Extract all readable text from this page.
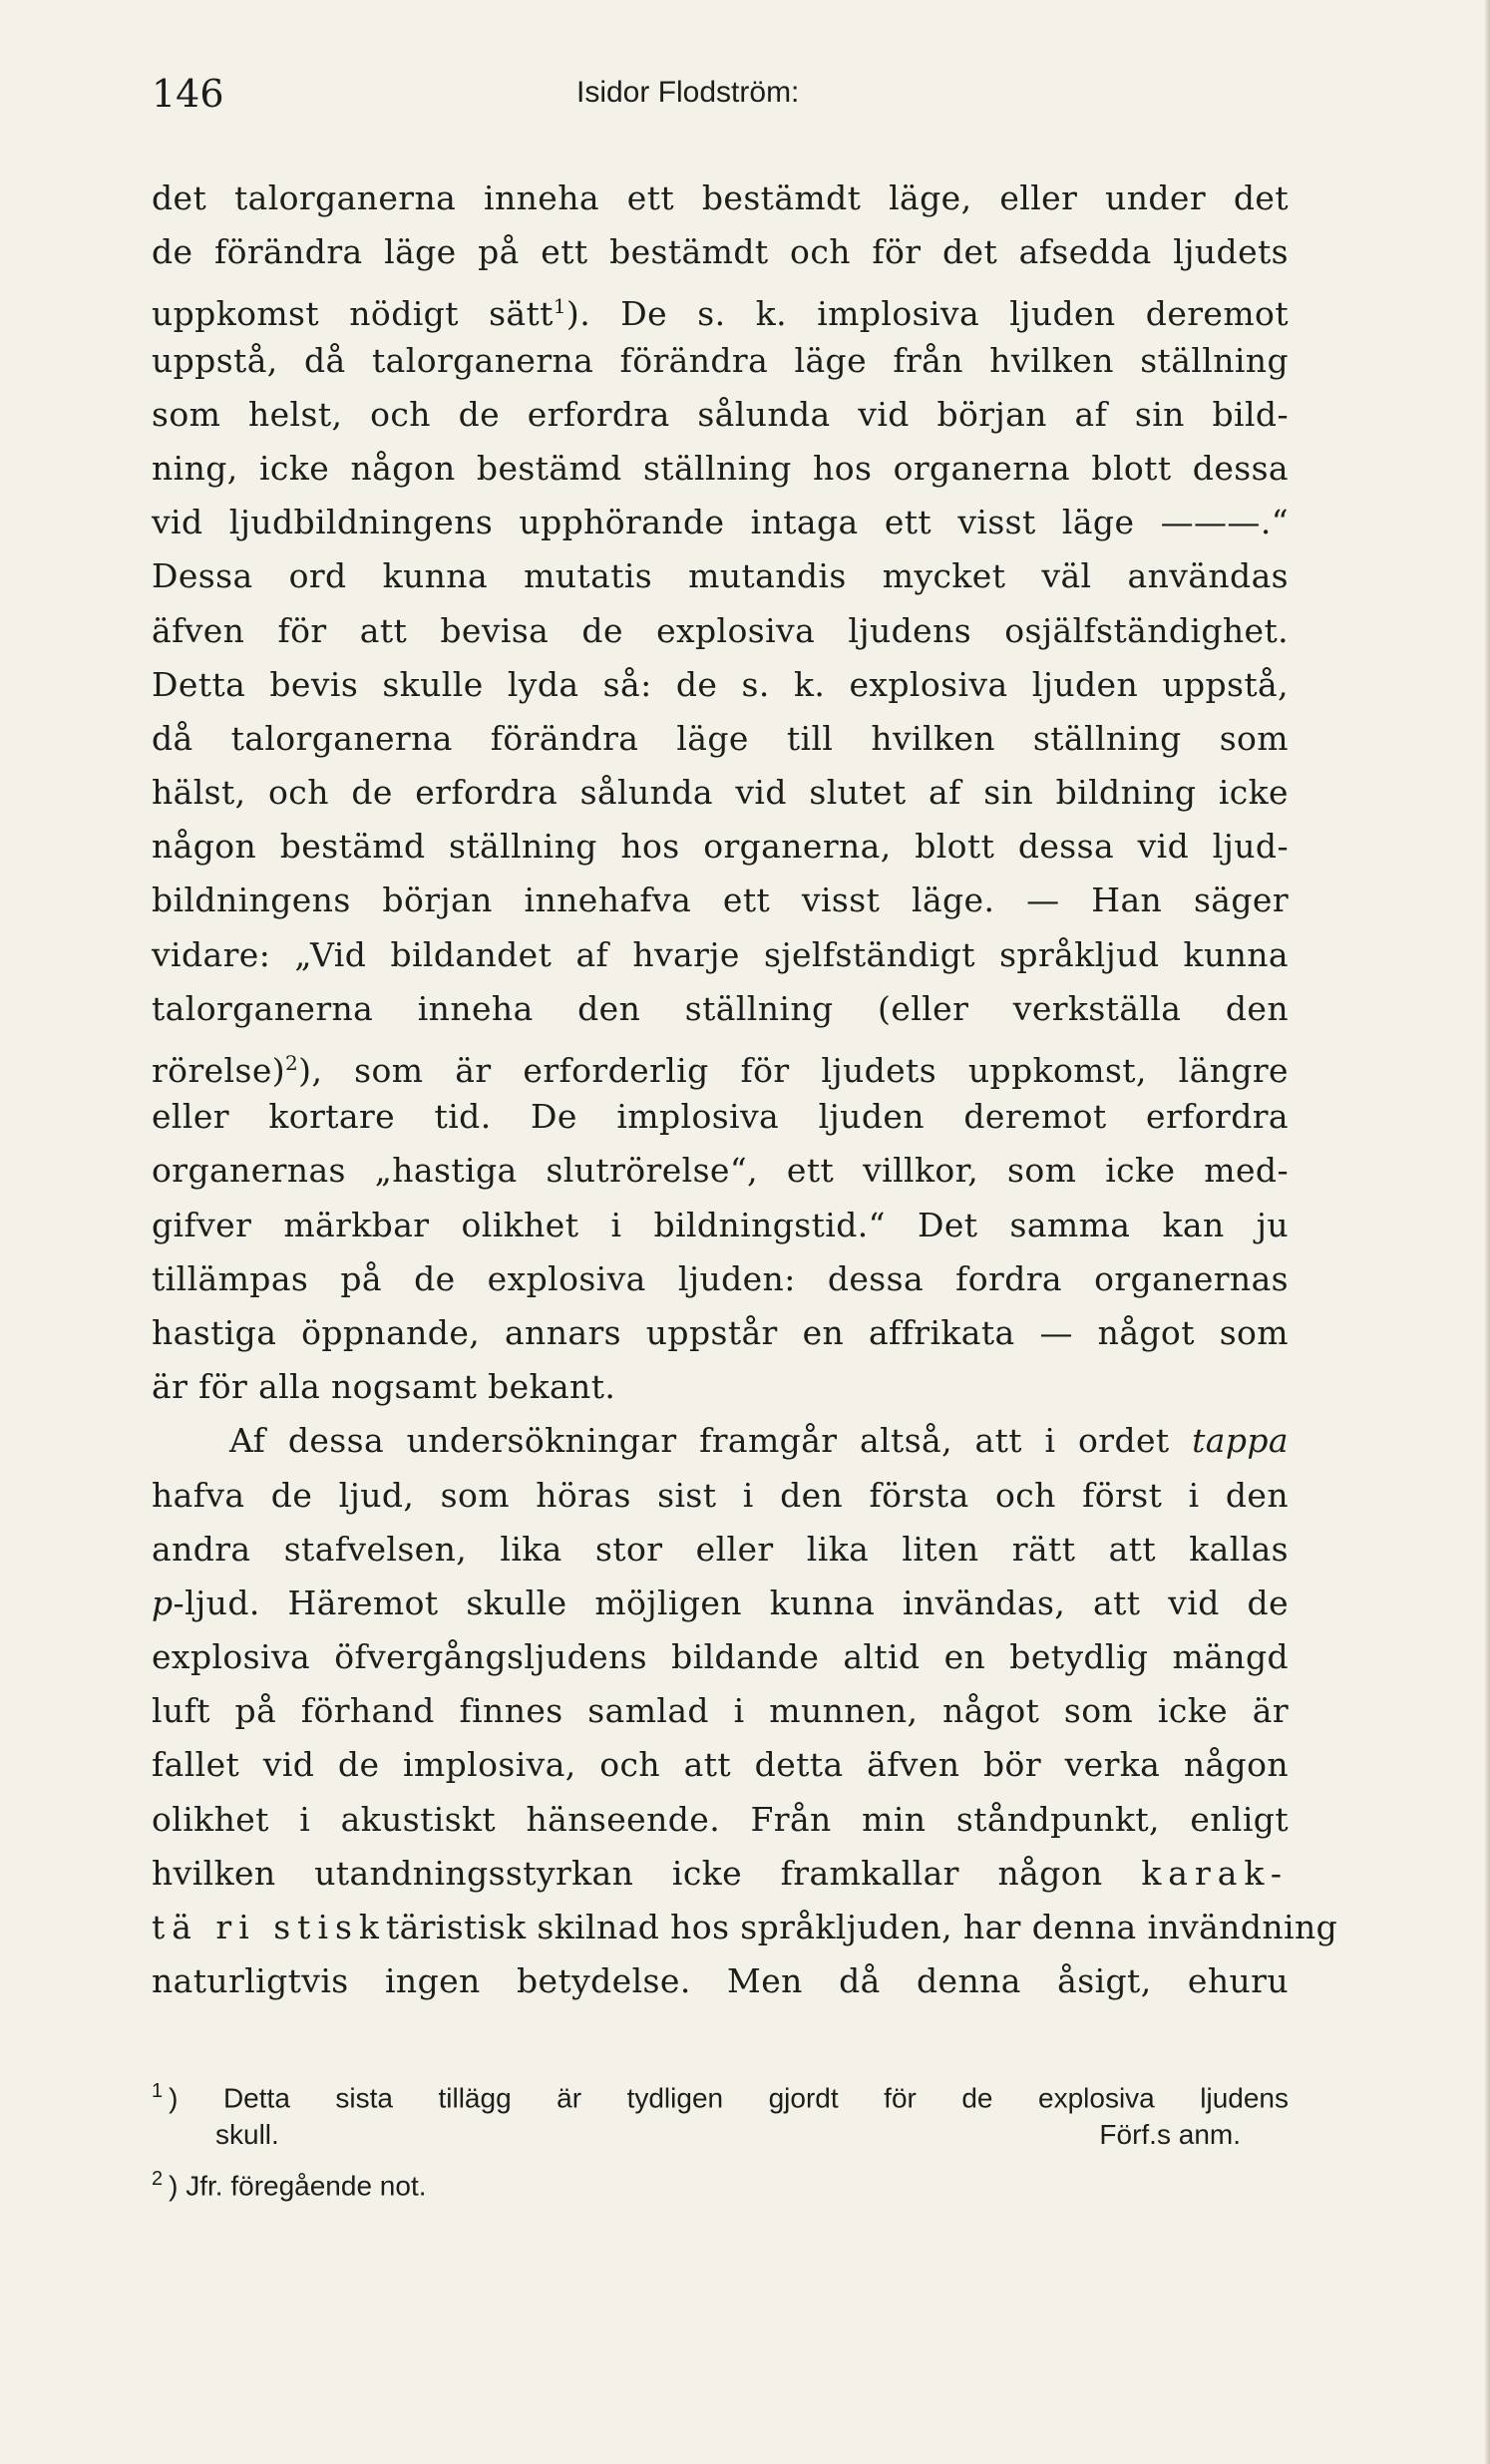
146	Isidor Flodström:
det talorganerna inneha ett bestämdt läge, eller under det
de förändra läge på ett bestämdt och för det afsedda ljudets
uppkomst nödigt sätt$^1$). De s. k. implosiva ljuden deremot
uppstå, då talorganerna förändra läge från hvilken ställning
som helst, och de erfordra sålunda vid början af sin bild-
ning, icke någon bestämd ställning hos organerna blott dessa
vid ljudbildningens upphörande intaga ett visst läge ———.“
Dessa ord kunna mutatis mutandis mycket väl användas
äfven för att bevisa de explosiva ljudens osjälfständighet.
Detta bevis skulle lyda så: de s. k. explosiva ljuden uppstå,
då talorganerna förändra läge till hvilken ställning som
hälst, och de erfordra sålunda vid slutet af sin bildning icke
någon bestämd ställning hos organerna, blott dessa vid ljud-
bildningens början innehafva ett visst läge. — Han säger
vidare: „Vid bildandet af hvarje sjelfständigt språkljud kunna
talorganerna inneha den ställning (eller verkställa den
rörelse)$^2$), som är erforderlig för ljudets uppkomst, längre
eller kortare tid. De implosiva ljuden deremot erfordra
organernas „hastiga slutrörelse“, ett villkor, som icke med-
gifver märkbar olikhet i bildningstid.“ Det samma kan ju
tillämpas på de explosiva ljuden: dessa fordra organernas
hastiga öppnande, annars uppstår en affrikata — något som
är för alla nogsamt bekant.
Af dessa undersökningar framgår altså, att i ordet tappa
hafva de ljud, som höras sist i den första och först i den
andra stafvelsen, lika stor eller lika liten rätt att kallas
p-ljud. Häremot skulle möjligen kunna invändas, att vid de
explosiva öfvergångsljudens bildande altid en betydlig mängd
luft på förhand finnes samlad i munnen, något som icke är
fallet vid de implosiva, och att detta äfven bör verka någon
olikhet i akustiskt hänseende. Från min ståndpunkt, enligt
hvilken utandningsstyrkan icke framkallar någon karak-
tä ri stisktäristisk skilnad hos språkljuden, har denna invändning
naturligtvis ingen betydelse. Men då denna åsigt, ehuru
$^1$ ) Detta sista tillägg är tydligen gjordt för de explosiva ljudens
skull.	Förf.s anm.
$^2$ ) Jfr. föregående not.
